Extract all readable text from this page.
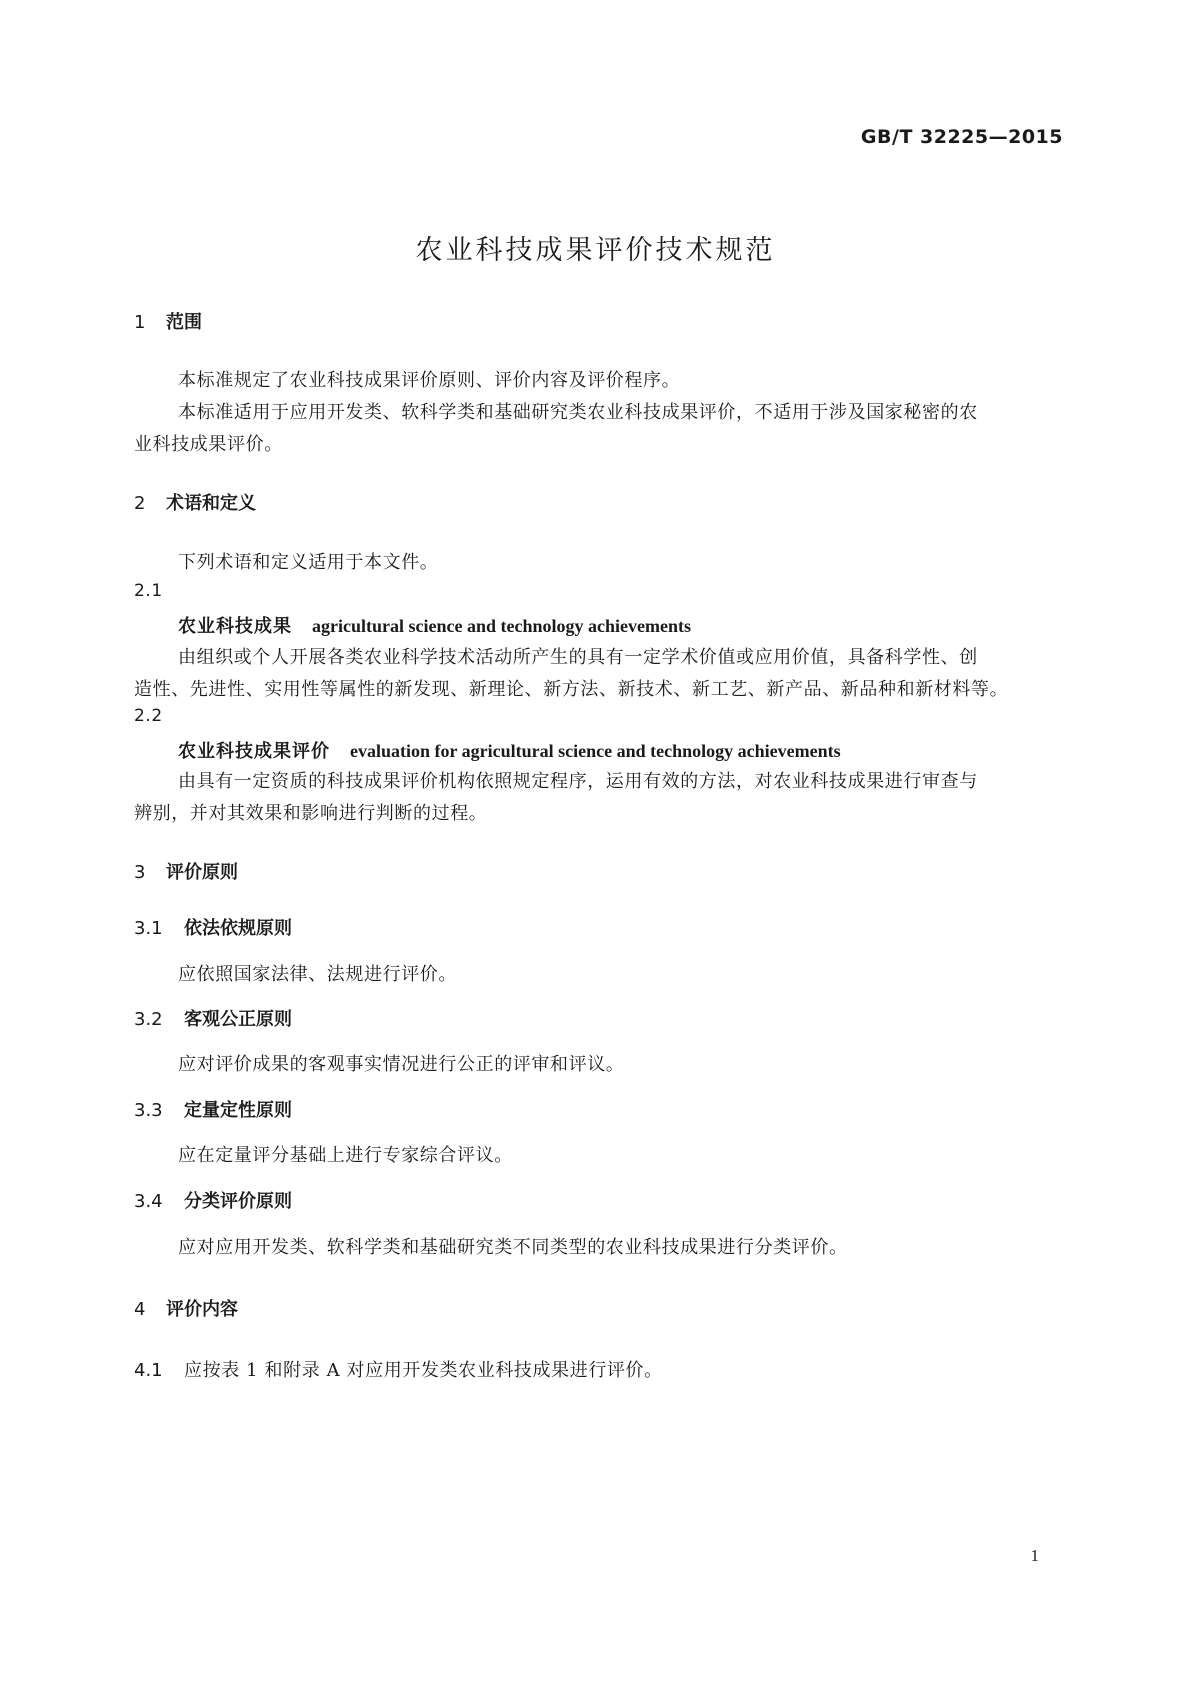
GB/T 32225—2015
农业科技成果评价技术规范
1 范围
本标准规定了农业科技成果评价原则、评价内容及评价程序。
本标准适用于应用开发类、软科学类和基础研究类农业科技成果评价，不适用于涉及国家秘密的农
业科技成果评价。
2 术语和定义
下列术语和定义适用于本文件。
2.1
农业科技成果 agricultural science and technology achievements
由组织或个人开展各类农业科学技术活动所产生的具有一定学术价值或应用价值，具备科学性、创
造性、先进性、实用性等属性的新发现、新理论、新方法、新技术、新工艺、新产品、新品种和新材料等。
2.2
农业科技成果评价 evaluation for agricultural science and technology achievements
由具有一定资质的科技成果评价机构依照规定程序，运用有效的方法，对农业科技成果进行审查与
辨别，并对其效果和影响进行判断的过程。
3 评价原则
3.1 依法依规原则
应依照国家法律、法规进行评价。
3.2 客观公正原则
应对评价成果的客观事实情况进行公正的评审和评议。
3.3 定量定性原则
应在定量评分基础上进行专家综合评议。
3.4 分类评价原则
应对应用开发类、软科学类和基础研究类不同类型的农业科技成果进行分类评价。
4 评价内容
4.1 应按表 1 和附录 A 对应用开发类农业科技成果进行评价。
1
